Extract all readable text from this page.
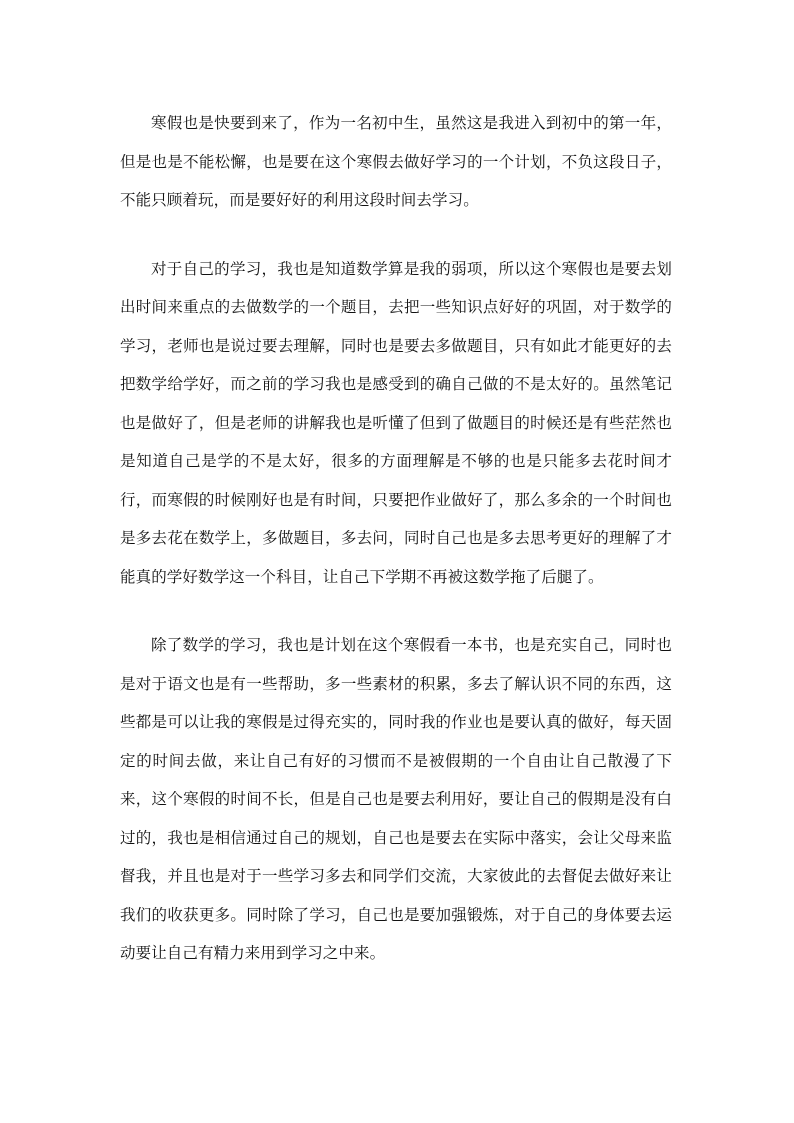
寒假也是快要到来了，作为一名初中生，虽然这是我进入到初中的第一年，但是也是不能松懈，也是要在这个寒假去做好学习的一个计划，不负这段日子，不能只顾着玩，而是要好好的利用这段时间去学习。

对于自己的学习，我也是知道数学算是我的弱项，所以这个寒假也是要去划出时间来重点的去做数学的一个题目，去把一些知识点好好的巩固，对于数学的学习，老师也是说过要去理解，同时也是要去多做题目，只有如此才能更好的去把数学给学好，而之前的学习我也是感受到的确自己做的不是太好的。虽然笔记也是做好了，但是老师的讲解我也是听懂了但到了做题目的时候还是有些茫然也是知道自己是学的不是太好，很多的方面理解是不够的也是只能多去花时间才行，而寒假的时候刚好也是有时间，只要把作业做好了，那么多余的一个时间也是多去花在数学上，多做题目，多去问，同时自己也是多去思考更好的理解了才能真的学好数学这一个科目，让自己下学期不再被这数学拖了后腿了。

除了数学的学习，我也是计划在这个寒假看一本书，也是充实自己，同时也是对于语文也是有一些帮助，多一些素材的积累，多去了解认识不同的东西，这些都是可以让我的寒假是过得充实的，同时我的作业也是要认真的做好，每天固定的时间去做，来让自己有好的习惯而不是被假期的一个自由让自己散漫了下来，这个寒假的时间不长，但是自己也是要去利用好，要让自己的假期是没有白过的，我也是相信通过自己的规划，自己也是要去在实际中落实，会让父母来监督我，并且也是对于一些学习多去和同学们交流，大家彼此的去督促去做好来让我们的收获更多。同时除了学习，自己也是要加强锻炼，对于自己的身体要去运动要让自己有精力来用到学习之中来。
